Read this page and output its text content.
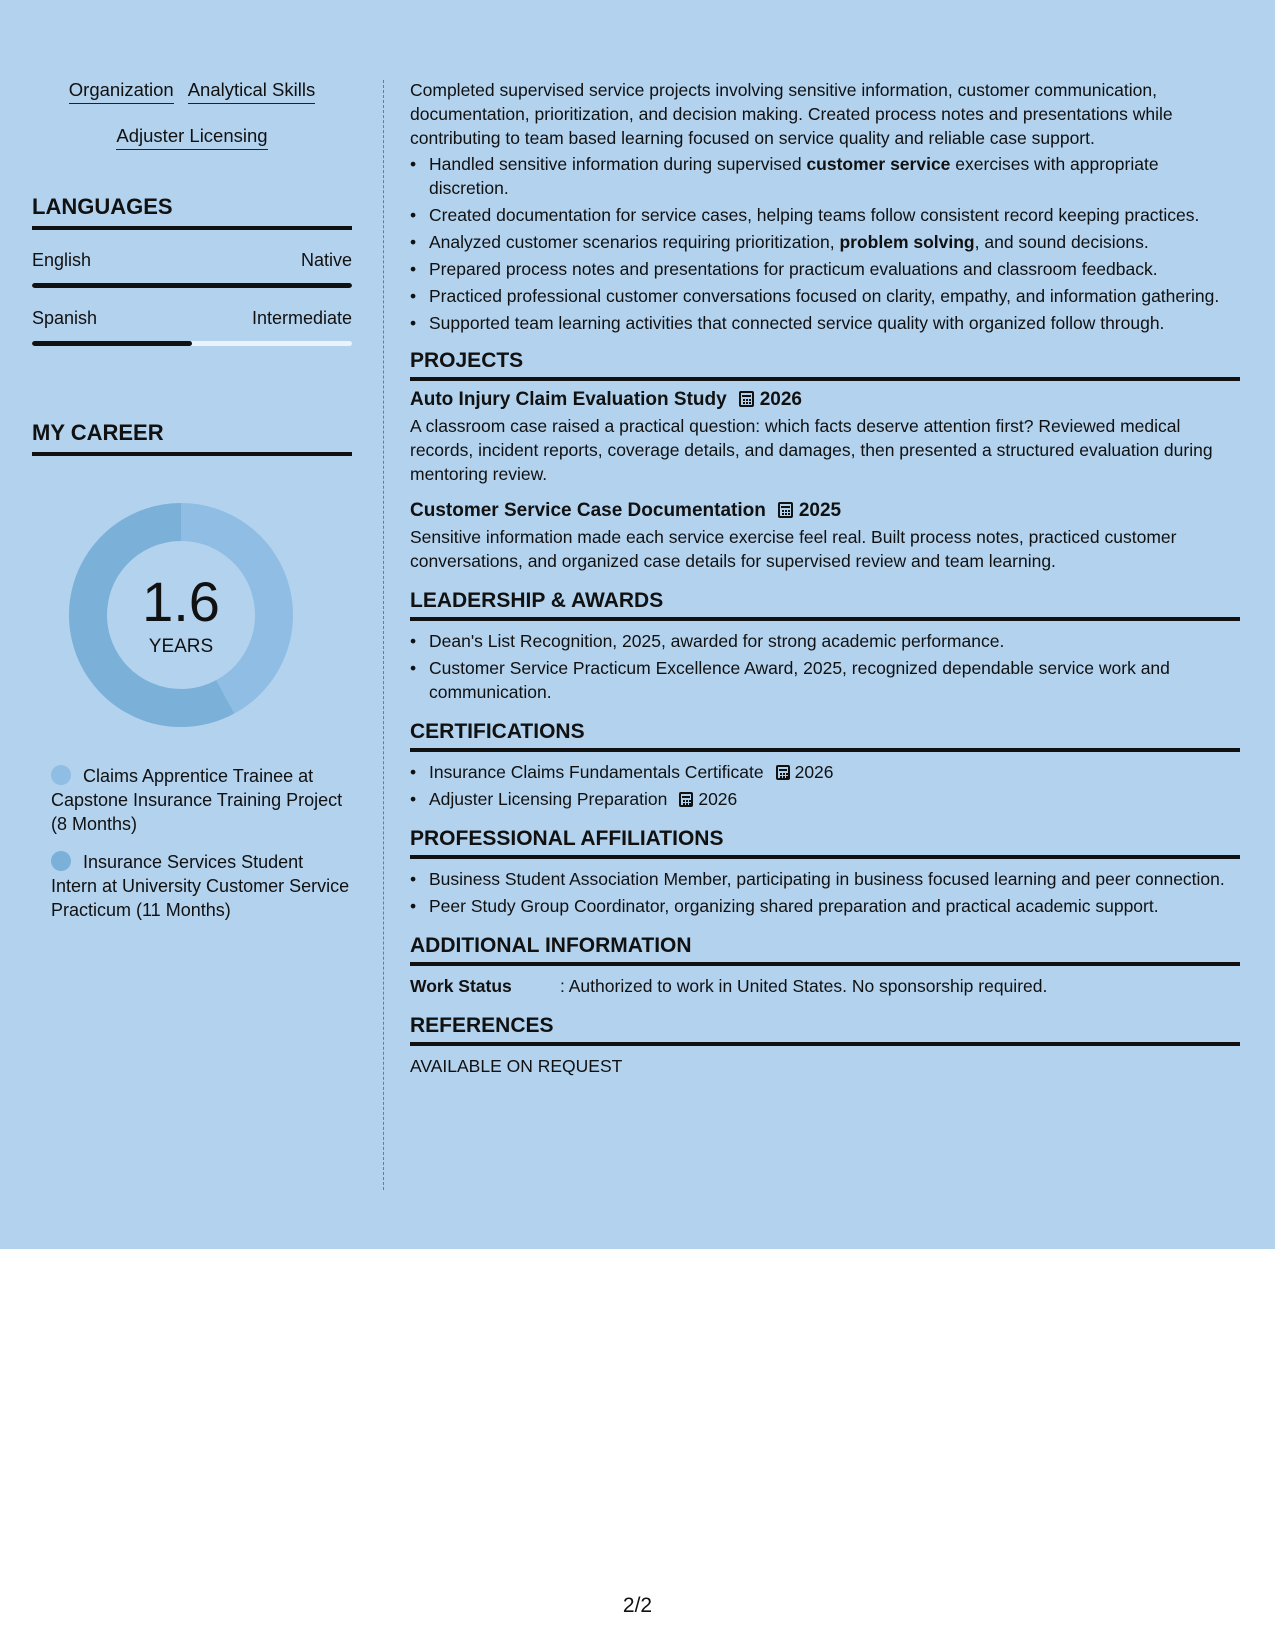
Organization Analytical Skills
Adjuster Licensing
LANGUAGES
English	Native
Spanish	Intermediate
MY CAREER
1.6
YEARS
Claims Apprentice Trainee at Capstone Insurance Training Project (8 Months)
Insurance Services Student Intern at University Customer Service Practicum (11 Months)

Completed supervised service projects involving sensitive information, customer communication, documentation, prioritization, and decision making. Created process notes and presentations while contributing to team based learning focused on service quality and reliable case support.

• Handled sensitive information during supervised customer service exercises with appropriate discretion.
• Created documentation for service cases, helping teams follow consistent record keeping practices.
• Analyzed customer scenarios requiring prioritization, problem solving, and sound decisions.
• Prepared process notes and presentations for practicum evaluations and classroom feedback.
• Practiced professional customer conversations focused on clarity, empathy, and information gathering.
• Supported team learning activities that connected service quality with organized follow through.
PROJECTS
Auto Injury Claim Evaluation Study 2026

A classroom case raised a practical question: which facts deserve attention first? Reviewed medical records, incident reports, coverage details, and damages, then presented a structured evaluation during mentoring review.

Customer Service Case Documentation 2025

Sensitive information made each service exercise feel real. Built process notes, practiced customer conversations, and organized case details for supervised review and team learning.

LEADERSHIP & AWARDS
• Dean's List Recognition, 2025, awarded for strong academic performance.
• Customer Service Practicum Excellence Award, 2025, recognized dependable service work and communication.
CERTIFICATIONS
• Insurance Claims Fundamentals Certificate 2026
• Adjuster Licensing Preparation 2026
PROFESSIONAL AFFILIATIONS
• Business Student Association Member, participating in business focused learning and peer connection.
• Peer Study Group Coordinator, organizing shared preparation and practical academic support.
ADDITIONAL INFORMATION
Work Status	: Authorized to work in United States. No sponsorship required.
REFERENCES

AVAILABLE ON REQUEST

2/2
